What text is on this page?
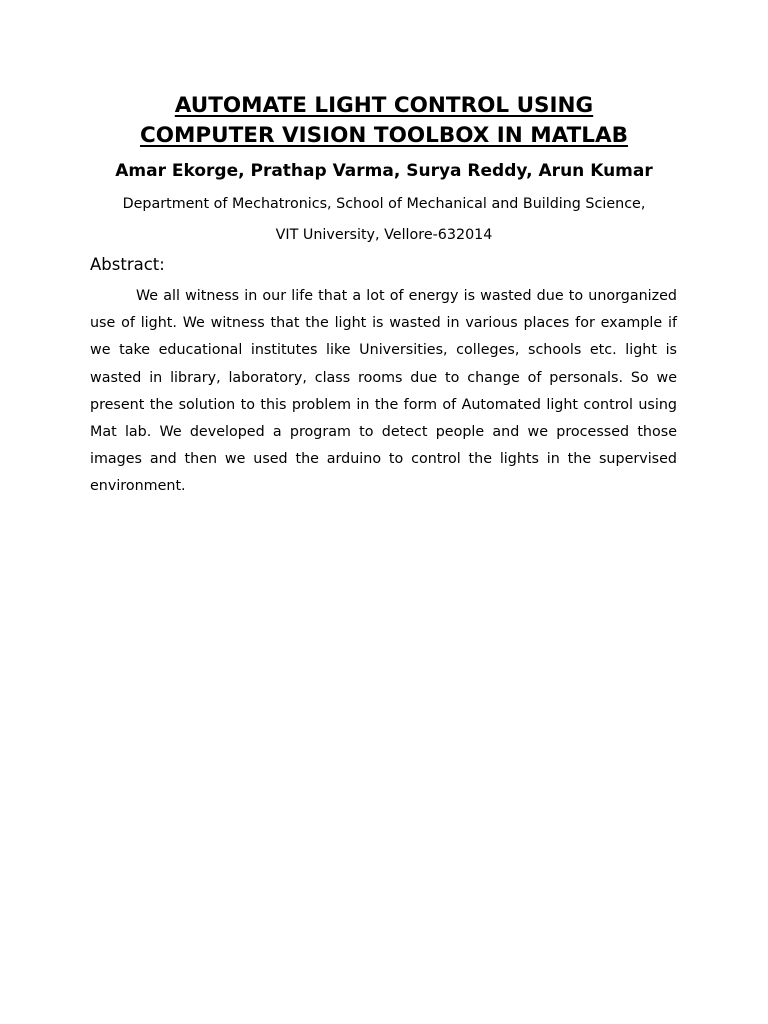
AUTOMATE LIGHT CONTROL USING
COMPUTER VISION TOOLBOX IN MATLAB
Amar Ekorge, Prathap Varma, Surya Reddy, Arun Kumar
Department of Mechatronics, School of Mechanical and Building Science,
VIT University, Vellore-632014
Abstract:

We all witness in our life that a lot of energy is wasted due to unorganized use of light. We witness that the light is wasted in various places for example if we take educational institutes like Universities, colleges, schools etc. light is wasted in library, laboratory, class rooms due to change of personals. So we present the solution to this problem in the form of Automated light control using Mat lab. We developed a program to detect people and we processed those images and then we used the arduino to control the lights in the supervised environment.
